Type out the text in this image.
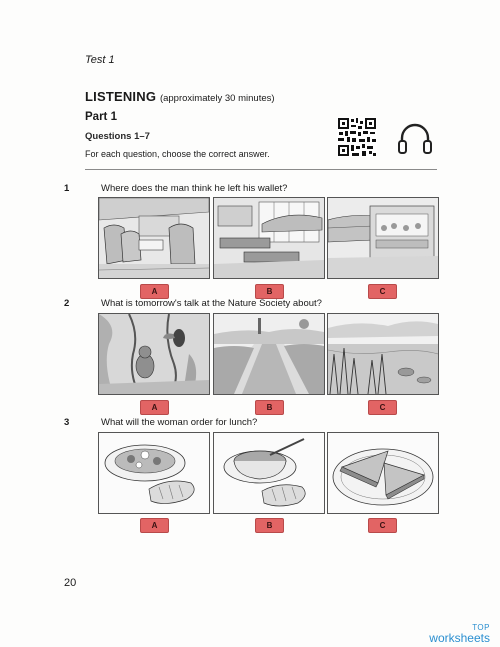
Test 1
LISTENING (approximately 30 minutes)
Part 1
Questions 1–7
For each question, choose the correct answer.
1	Where does the man think he left his wallet?
A	B	C
2	What is tomorrow's talk at the Nature Society about?
A	B	C
3	What will the woman order for lunch?
A	B	C
20
TOP
worksheets
